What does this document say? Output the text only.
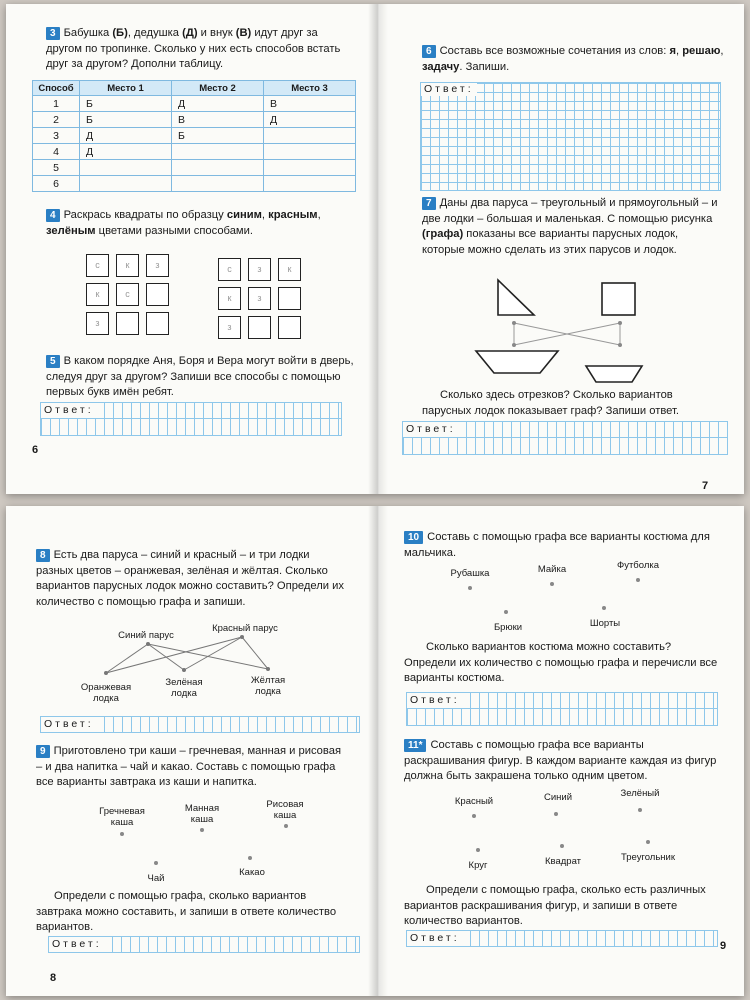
3 Бабушка (Б), дедушка (Д) и внук (В) идут друг за другом по тропинке. Сколько у них есть способов встать друг за другом? Дополни таблицу.
Способ	Место 1	Место 2	Место 3
1	Б	Д	В
2	Б	В	Д
3	Д	Б	
4	Д		
5			
6			
4 Раскрась квадраты по образцу синим, красным, зелёным цветами разными способами.
с	к	з
к	с
з
с	з	к
к	з
з
5 В каком порядке Аня, Боря и Вера могут войти в дверь, следуя друг за другом? Запиши все способы с помощью первых букв имён ребят.
Ответ:
6
6 Составь все возможные сочетания из слов: я, решаю, задачу. Запиши.
Ответ:
7 Даны два паруса – треугольный и прямоугольный – и две лодки – большая и маленькая. С помощью рисунка (графа) показаны все варианты парусных лодок, которые можно сделать из этих парусов и лодок.
Сколько здесь отрезков? Сколько вариантов парусных лодок показывает граф? Запиши ответ.
Ответ:
7
8 Есть два паруса – синий и красный – и три лодки разных цветов – оранжевая, зелёная и жёлтая. Сколько вариантов парусных лодок можно составить? Определи их количество с помощью графа и запиши.
Синий парус
Красный парус
Оранжевая лодка
Зелёная лодка
Жёлтая лодка
Ответ:
9 Приготовлено три каши – гречневая, манная и рисовая – и два напитка – чай и какао. Составь с помощью графа все варианты завтрака из каши и напитка.
Гречневая каша
Манная каша
Рисовая каша
Чай
Какао
Определи с помощью графа, сколько вариантов завтрака можно составить, и запиши в ответе количество вариантов.
Ответ:
8
10 Составь с помощью графа все варианты костюма для мальчика.
Рубашка	Майка	Футболка
Брюки	Шорты
Сколько вариантов костюма можно составить? Определи их количество с помощью графа и перечисли все варианты костюма.
Ответ:
11* Составь с помощью графа все варианты раскрашивания фигур. В каждом варианте каждая из фигур должна быть закрашена только одним цветом.
Красный	Синий	Зелёный
Круг	Квадрат	Треугольник
Определи с помощью графа, сколько есть различных вариантов раскрашивания фигур, и запиши в ответе количество вариантов.
Ответ:
9
